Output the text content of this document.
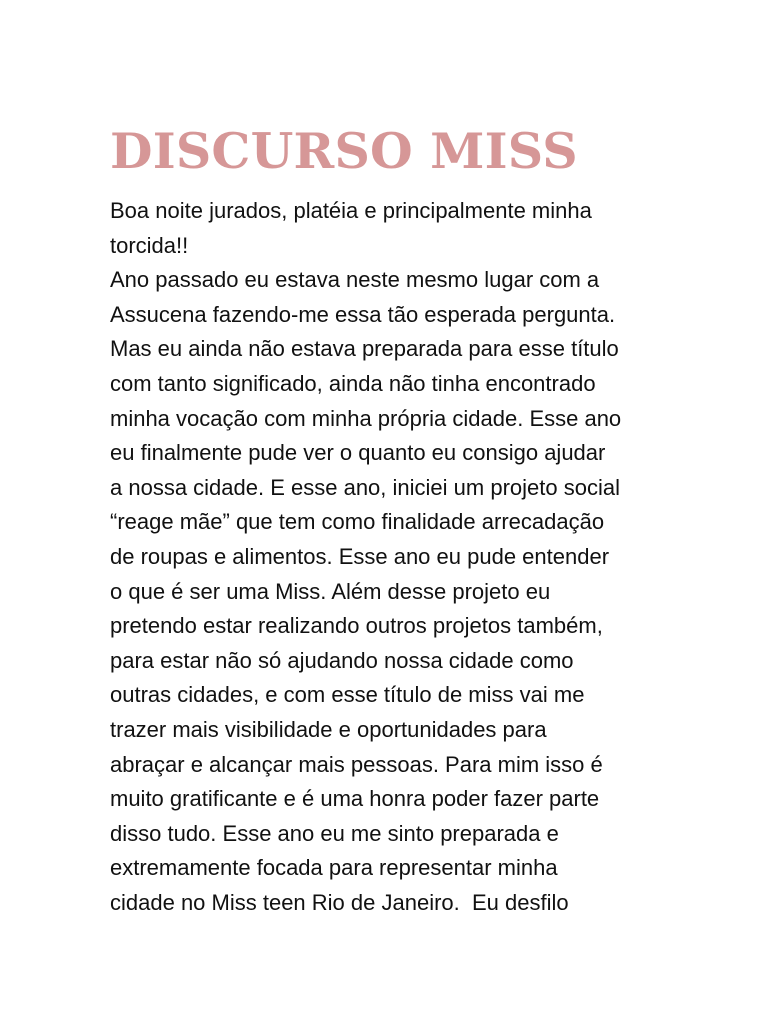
DISCURSO MISS
Boa noite jurados, platéia e principalmente minha
torcida!!
Ano passado eu estava neste mesmo lugar com a
Assucena fazendo-me essa tão esperada pergunta.
Mas eu ainda não estava preparada para esse título
com tanto significado, ainda não tinha encontrado
minha vocação com minha própria cidade. Esse ano
eu finalmente pude ver o quanto eu consigo ajudar
a nossa cidade. E esse ano, iniciei um projeto social
“reage mãe” que tem como finalidade arrecadação
de roupas e alimentos. Esse ano eu pude entender
o que é ser uma Miss. Além desse projeto eu
pretendo estar realizando outros projetos também,
para estar não só ajudando nossa cidade como
outras cidades, e com esse título de miss vai me
trazer mais visibilidade e oportunidades para
abraçar e alcançar mais pessoas. Para mim isso é
muito gratificante e é uma honra poder fazer parte
disso tudo. Esse ano eu me sinto preparada e
extremamente focada para representar minha
cidade no Miss teen Rio de Janeiro.  Eu desfilo
